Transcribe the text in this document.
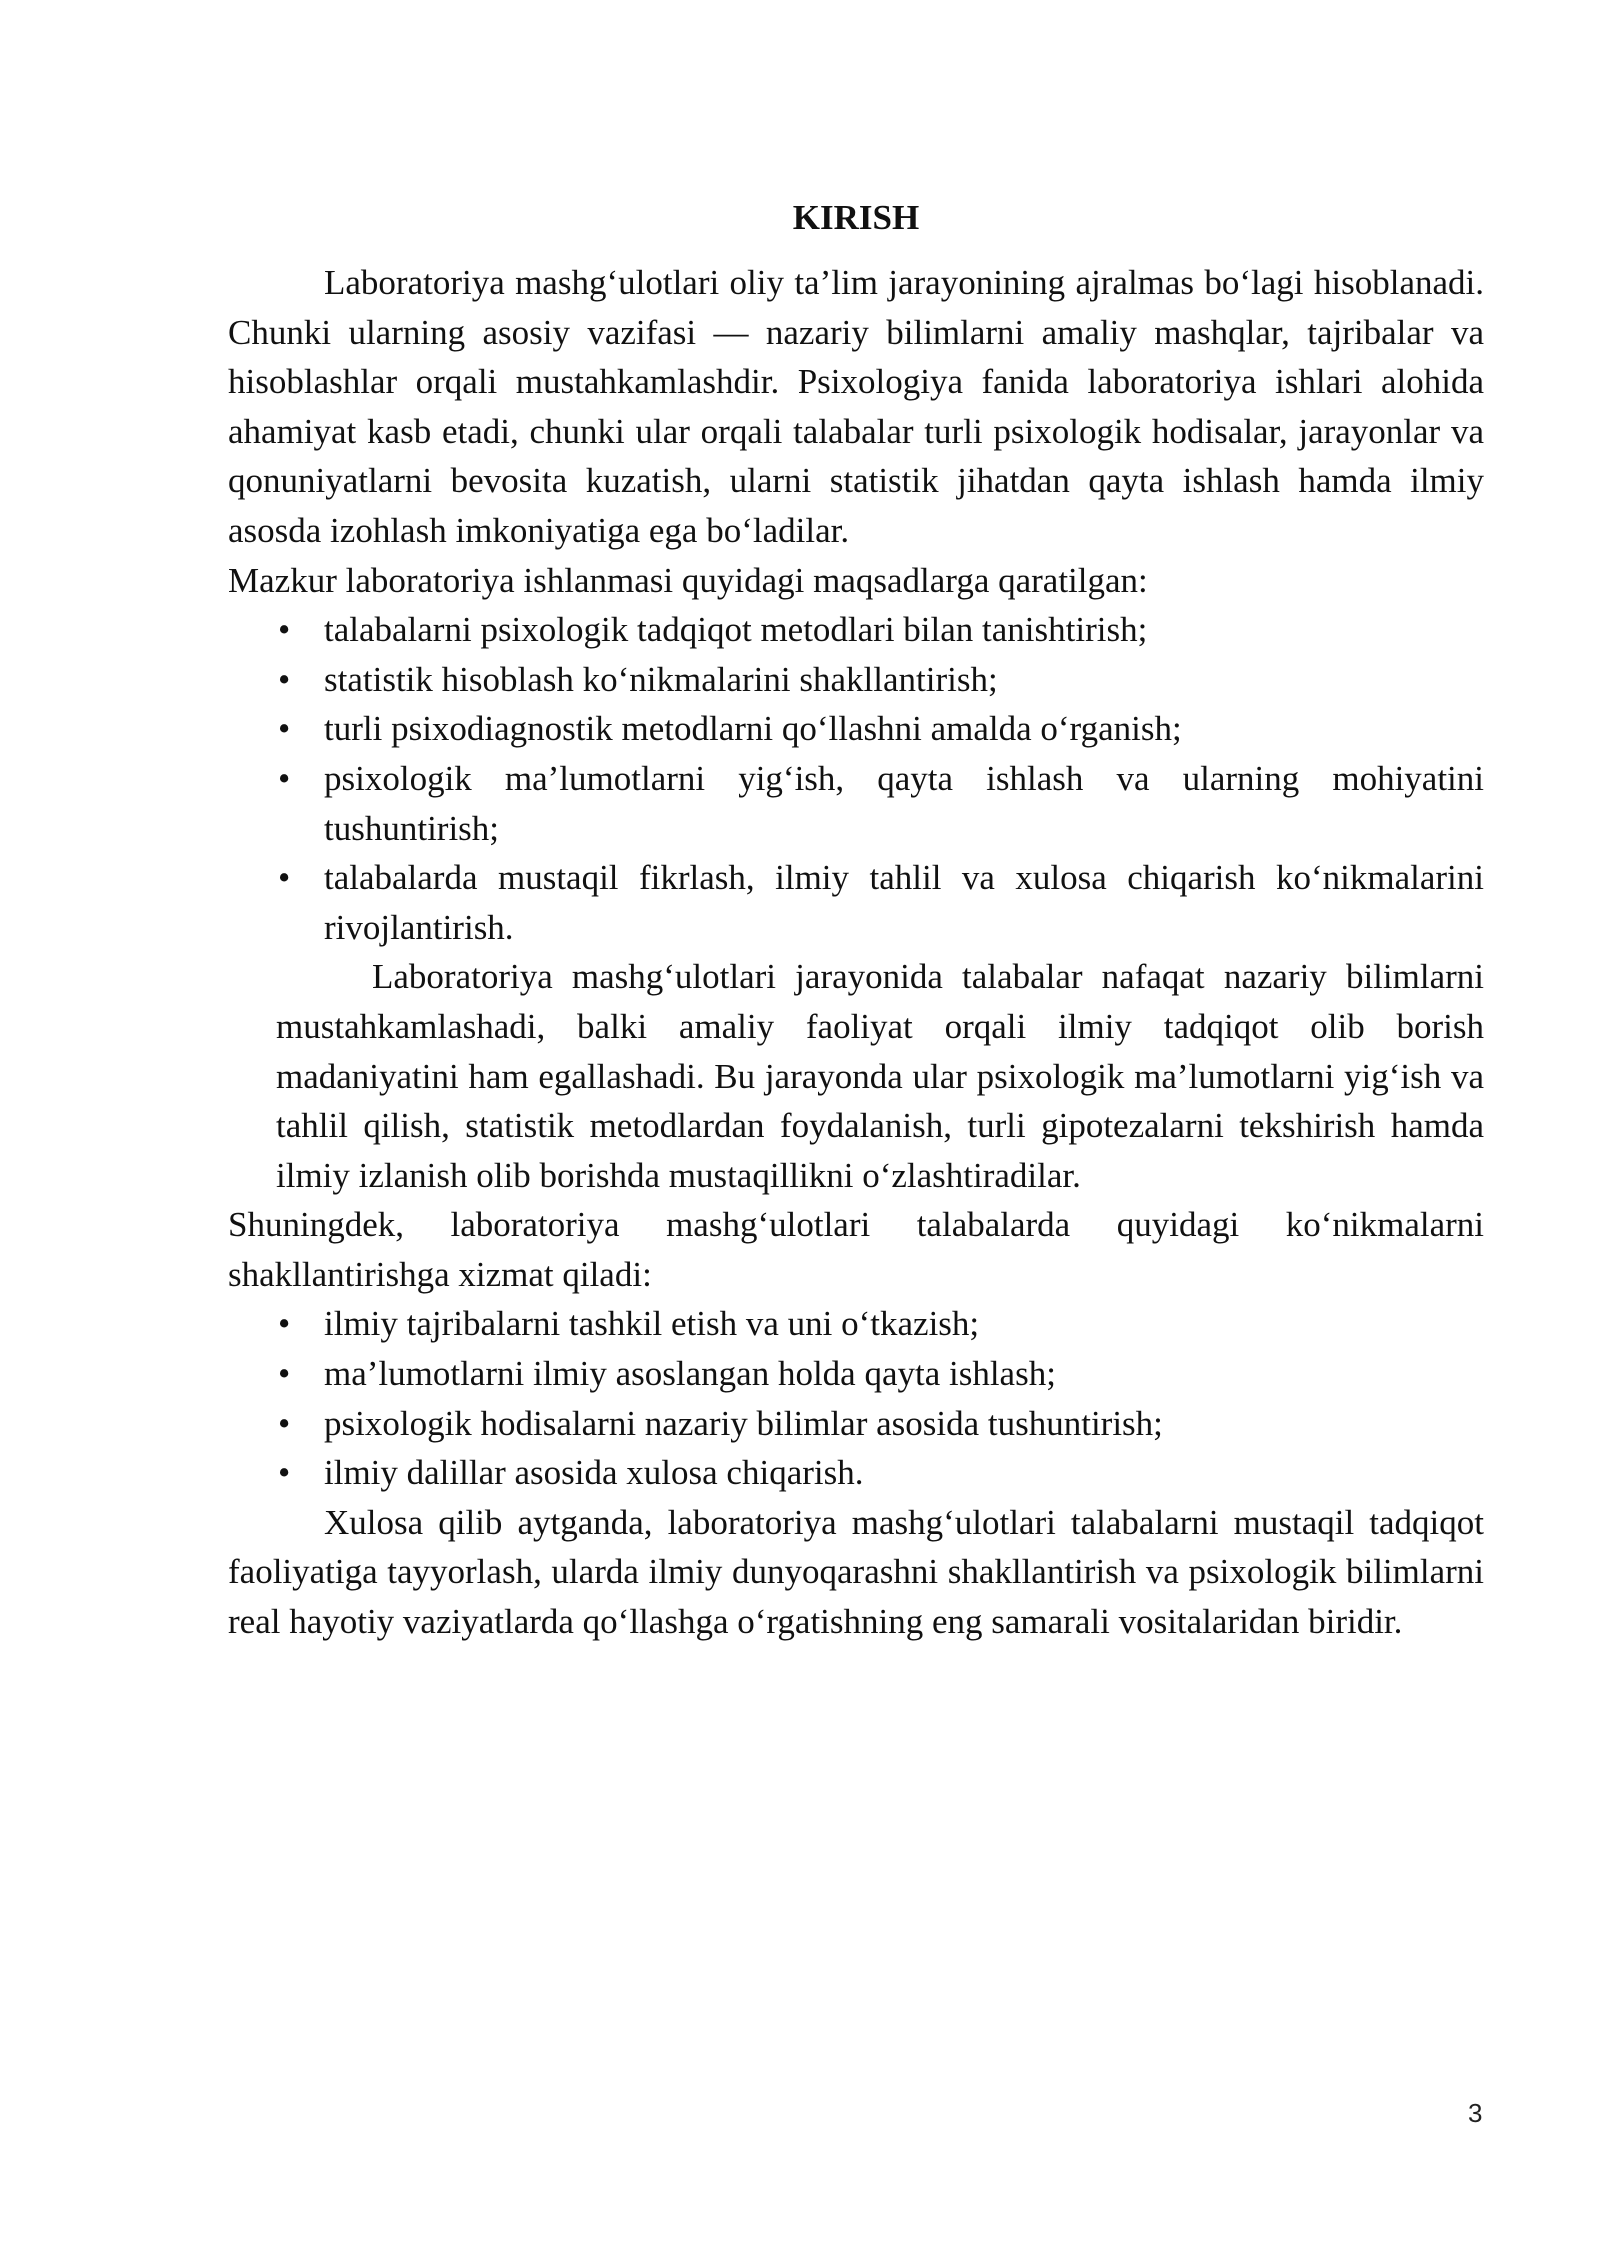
KIRISH

Laboratoriya mashg‘ulotlari oliy ta’lim jarayonining ajralmas bo‘lagi hisoblanadi. Chunki ularning asosiy vazifasi — nazariy bilimlarni amaliy mashqlar, tajribalar va hisoblashlar orqali mustahkamlashdir. Psixologiya fanida laboratoriya ishlari alohida ahamiyat kasb etadi, chunki ular orqali talabalar turli psixologik hodisalar, jarayonlar va qonuniyatlarni bevosita kuzatish, ularni statistik jihatdan qayta ishlash hamda ilmiy asosda izohlash imkoniyatiga ega bo‘ladilar.

Mazkur laboratoriya ishlanmasi quyidagi maqsadlarga qaratilgan:

• talabalarni psixologik tadqiqot metodlari bilan tanishtirish;
• statistik hisoblash ko‘nikmalarini shakllantirish;
• turli psixodiagnostik metodlarni qo‘llashni amalda o‘rganish;
• psixologik ma’lumotlarni yig‘ish, qayta ishlash va ularning mohiyatini tushuntirish;
• talabalarda mustaqil fikrlash, ilmiy tahlil va xulosa chiqarish ko‘nikmalarini rivojlantirish.

Laboratoriya mashg‘ulotlari jarayonida talabalar nafaqat nazariy bilimlarni mustahkamlashadi, balki amaliy faoliyat orqali ilmiy tadqiqot olib borish madaniyatini ham egallashadi. Bu jarayonda ular psixologik ma’lumotlarni yig‘ish va tahlil qilish, statistik metodlardan foydalanish, turli gipotezalarni tekshirish hamda ilmiy izlanish olib borishda mustaqillikni o‘zlashtiradilar.

Shuningdek, laboratoriya mashg‘ulotlari talabalarda quyidagi ko‘nikmalarni shakllantirishga xizmat qiladi:

• ilmiy tajribalarni tashkil etish va uni o‘tkazish;
• ma’lumotlarni ilmiy asoslangan holda qayta ishlash;
• psixologik hodisalarni nazariy bilimlar asosida tushuntirish;
• ilmiy dalillar asosida xulosa chiqarish.

Xulosa qilib aytganda, laboratoriya mashg‘ulotlari talabalarni mustaqil tadqiqot faoliyatiga tayyorlash, ularda ilmiy dunyoqarashni shakllantirish va psixologik bilimlarni real hayotiy vaziyatlarda qo‘llashga o‘rgatishning eng samarali vositalaridan biridir.

3
